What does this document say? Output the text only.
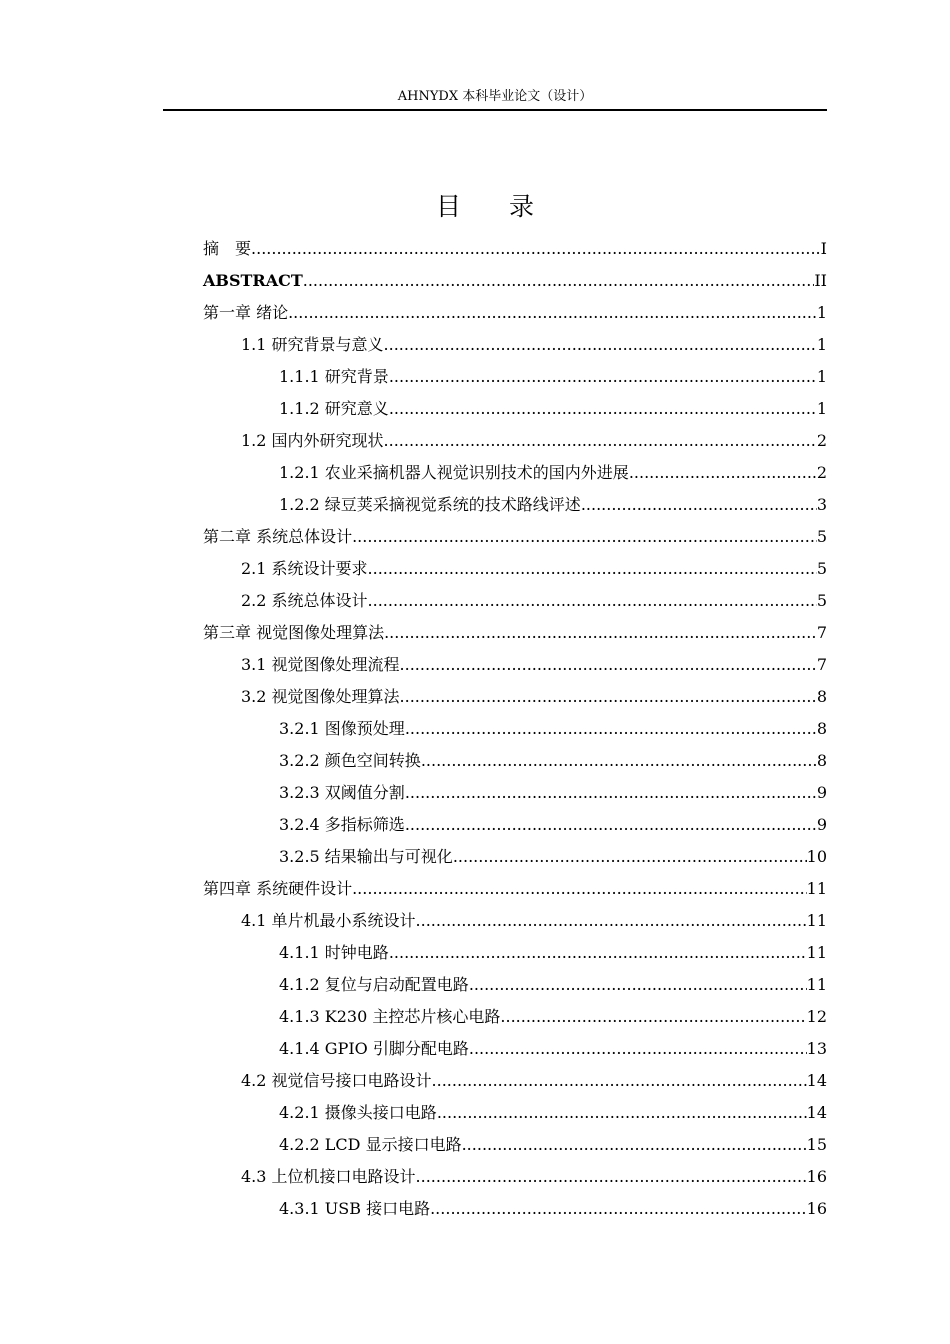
AHNYDX 本科毕业论文（设计）
目 录
摘　要 .....	I
ABSTRACT .....	II
第一章 绪论 .....	1
1.1 研究背景与意义 .....	1
1.1.1 研究背景 .....	1
1.1.2 研究意义 .....	1
1.2 国内外研究现状 .....	2
1.2.1 农业采摘机器人视觉识别技术的国内外进展 .....	2
1.2.2 绿豆荚采摘视觉系统的技术路线评述 .....	3
第二章 系统总体设计 .....	5
2.1 系统设计要求 .....	5
2.2 系统总体设计 .....	5
第三章 视觉图像处理算法 .....	7
3.1 视觉图像处理流程 .....	7
3.2 视觉图像处理算法 .....	8
3.2.1 图像预处理 .....	8
3.2.2 颜色空间转换 .....	8
3.2.3 双阈值分割 .....	9
3.2.4 多指标筛选 .....	9
3.2.5 结果输出与可视化 .....	10
第四章 系统硬件设计 .....	11
4.1 单片机最小系统设计 .....	11
4.1.1 时钟电路 .....	11
4.1.2 复位与启动配置电路 .....	11
4.1.3 K230 主控芯片核心电路 .....	12
4.1.4 GPIO 引脚分配电路 .....	13
4.2 视觉信号接口电路设计 .....	14
4.2.1 摄像头接口电路 .....	14
4.2.2 LCD 显示接口电路 .....	15
4.3 上位机接口电路设计 .....	16
4.3.1 USB 接口电路 .....	16
